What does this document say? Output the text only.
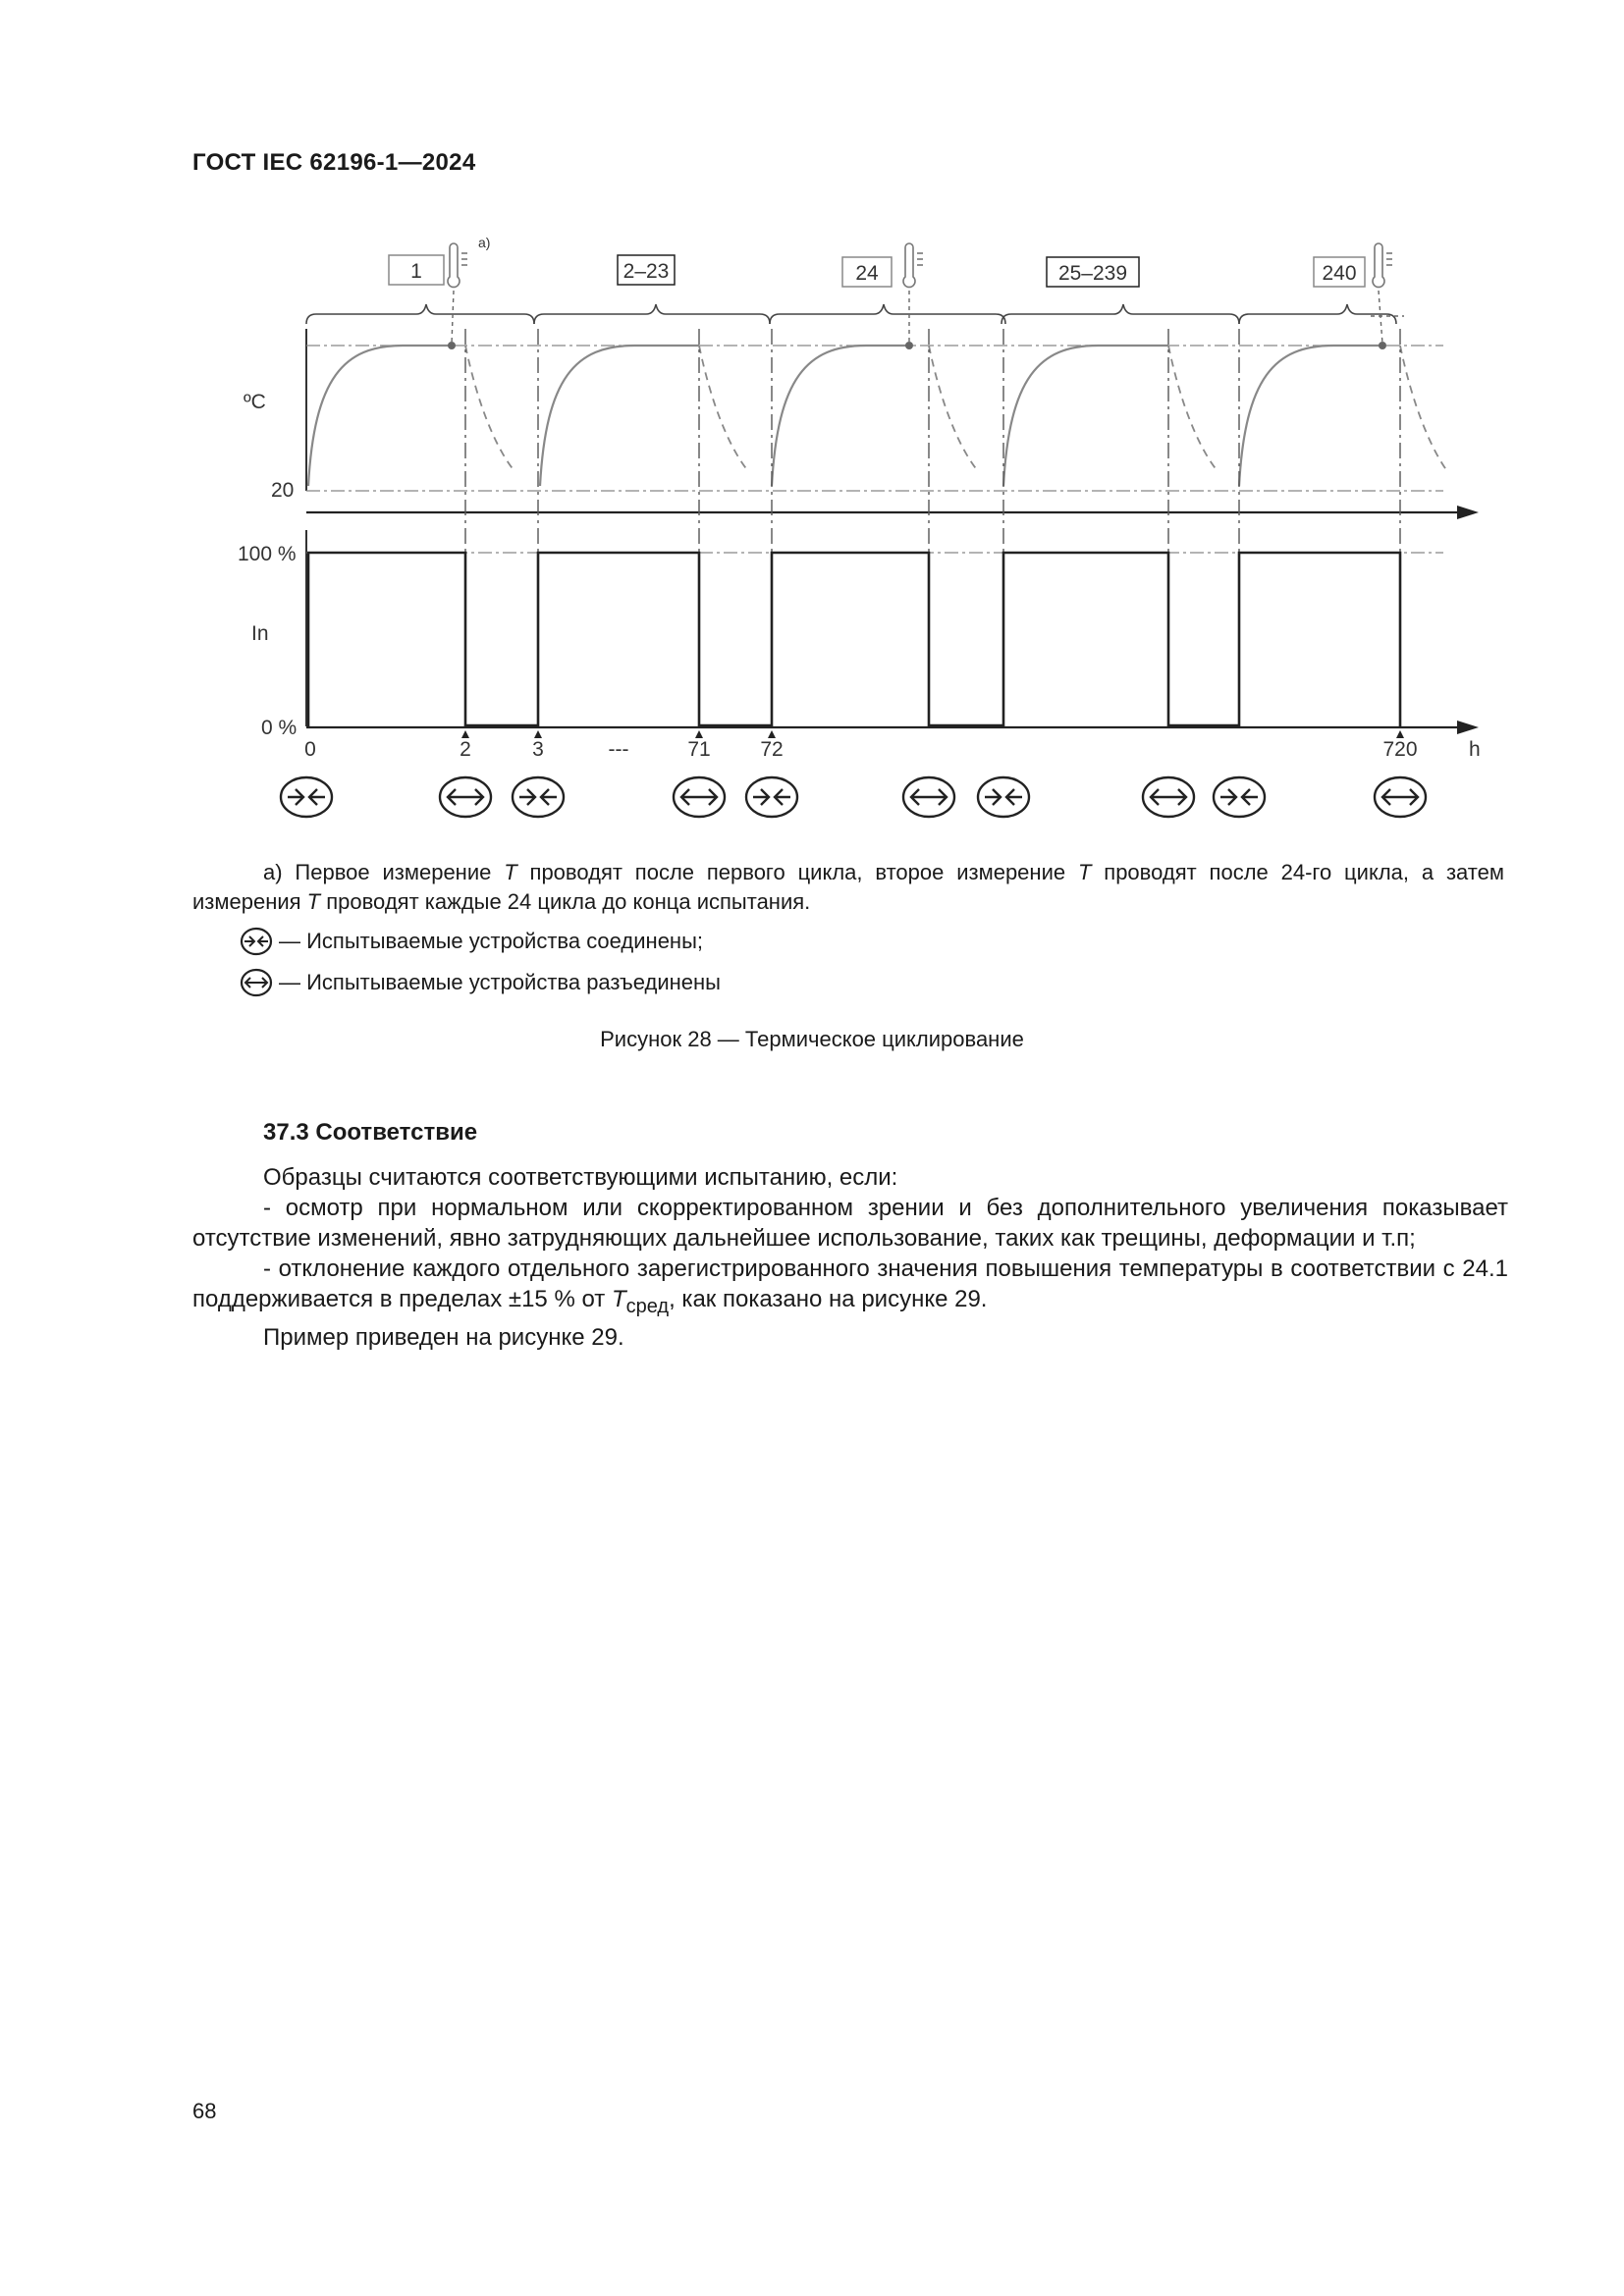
ГОСТ IEC 62196-1—2024
1	2–23	24	25–239	240
a)
ºC
20
100 %
In
0 %
0	2	3	---	71 72	720 h
a) Первое измерение T проводят после первого цикла, второе измерение T проводят после 24-го цикла, а затем измерения T проводят каждые 24 цикла до конца испытания.
— Испытываемые устройства соединены;
— Испытываемые устройства разъединены
Рисунок 28 — Термическое циклирование
37.3 Соответствие

Образцы считаются соответствующими испытанию, если:

- осмотр при нормальном или скорректированном зрении и без дополнительного увеличения показывает отсутствие изменений, явно затрудняющих дальнейшее использование, таких как трещины, деформации и т.п;

- отклонение каждого отдельного зарегистрированного значения повышения температуры в соответствии с 24.1 поддерживается в пределах ±15 % от $T_{сред}$, как показано на рисунке 29.

Пример приведен на рисунке 29.

68
